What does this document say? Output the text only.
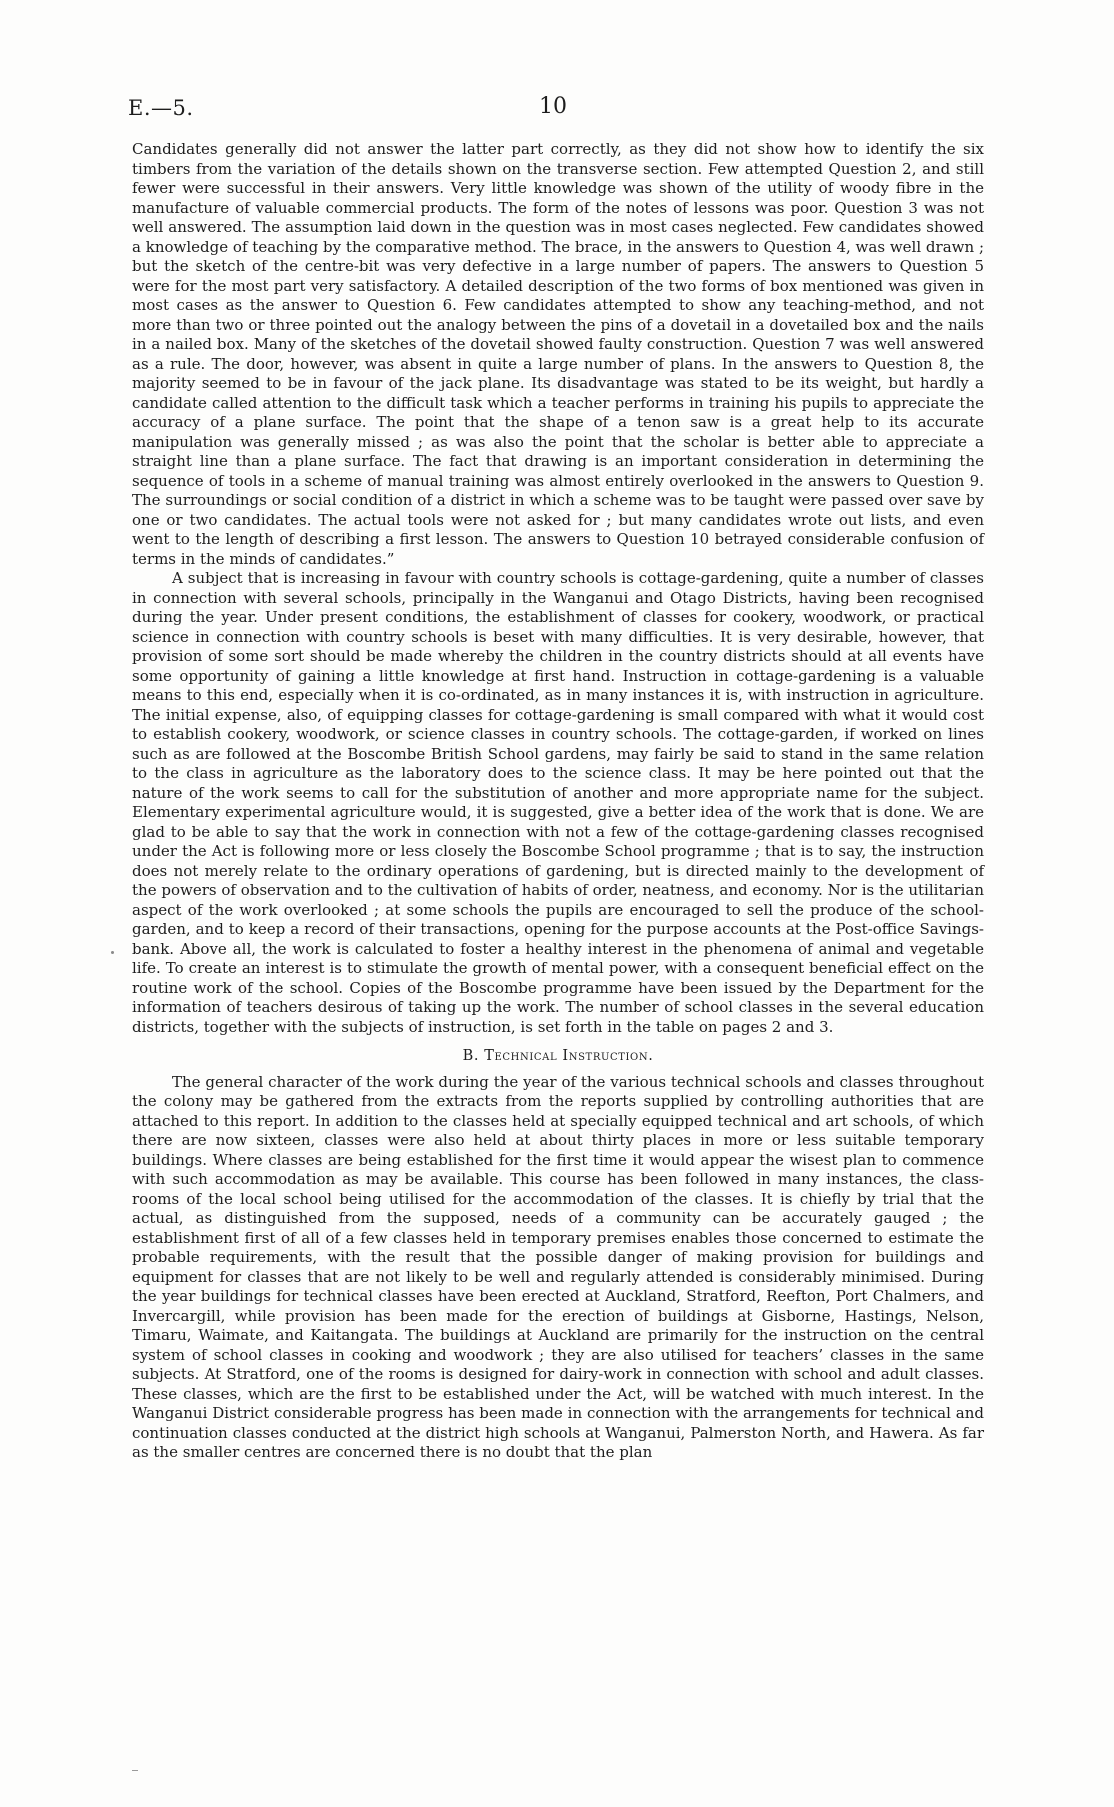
E.—5.	10

Candidates generally did not answer the latter part correctly, as they did not show how to identify the six timbers from the variation of the details shown on the transverse section. Few attempted Question 2, and still fewer were successful in their answers. Very little knowledge was shown of the utility of woody fibre in the manufacture of valuable commercial products. The form of the notes of lessons was poor. Question 3 was not well answered. The assumption laid down in the question was in most cases neglected. Few candidates showed a knowledge of teaching by the comparative method. The brace, in the answers to Question 4, was well drawn ; but the sketch of the centre-bit was very defective in a large number of papers. The answers to Question 5 were for the most part very satisfactory. A detailed description of the two forms of box mentioned was given in most cases as the answer to Question 6. Few candidates attempted to show any teaching-method, and not more than two or three pointed out the analogy between the pins of a dovetail in a dovetailed box and the nails in a nailed box. Many of the sketches of the dovetail showed faulty construction. Question 7 was well answered as a rule. The door, however, was absent in quite a large number of plans. In the answers to Question 8, the majority seemed to be in favour of the jack plane. Its disadvantage was stated to be its weight, but hardly a candidate called attention to the difficult task which a teacher performs in training his pupils to appreciate the accuracy of a plane surface. The point that the shape of a tenon saw is a great help to its accurate manipulation was generally missed ; as was also the point that the scholar is better able to appreciate a straight line than a plane surface. The fact that drawing is an important consideration in determining the sequence of tools in a scheme of manual training was almost entirely overlooked in the answers to Question 9. The surroundings or social condition of a district in which a scheme was to be taught were passed over save by one or two candidates. The actual tools were not asked for ; but many candidates wrote out lists, and even went to the length of describing a first lesson. The answers to Question 10 betrayed considerable confusion of terms in the minds of candidates.”

A subject that is increasing in favour with country schools is cottage-gardening, quite a number of classes in connection with several schools, principally in the Wanganui and Otago Districts, having been recognised during the year. Under present conditions, the establishment of classes for cookery, woodwork, or practical science in connection with country schools is beset with many difficulties. It is very desirable, however, that provision of some sort should be made whereby the children in the country districts should at all events have some opportunity of gaining a little knowledge at first hand. Instruction in cottage-gardening is a valuable means to this end, especially when it is co-ordinated, as in many instances it is, with instruction in agriculture. The initial expense, also, of equipping classes for cottage-gardening is small compared with what it would cost to establish cookery, woodwork, or science classes in country schools. The cottage-garden, if worked on lines such as are followed at the Boscombe British School gardens, may fairly be said to stand in the same relation to the class in agriculture as the laboratory does to the science class. It may be here pointed out that the nature of the work seems to call for the substitution of another and more appropriate name for the subject. Elementary experimental agriculture would, it is suggested, give a better idea of the work that is done. We are glad to be able to say that the work in connection with not a few of the cottage-gardening classes recognised under the Act is following more or less closely the Boscombe School programme ; that is to say, the instruction does not merely relate to the ordinary operations of gardening, but is directed mainly to the development of the powers of observation and to the cultivation of habits of order, neatness, and economy. Nor is the utilitarian aspect of the work overlooked ; at some schools the pupils are encouraged to sell the produce of the school-garden, and to keep a record of their transactions, opening for the purpose accounts at the Post-office Savings-bank. Above all, the work is calculated to foster a healthy interest in the phenomena of animal and vegetable life. To create an interest is to stimulate the growth of mental power, with a consequent beneficial effect on the routine work of the school. Copies of the Boscombe programme have been issued by the Department for the information of teachers desirous of taking up the work. The number of school classes in the several education districts, together with the subjects of instruction, is set forth in the table on pages 2 and 3.

B. Technical Instruction.

The general character of the work during the year of the various technical schools and classes throughout the colony may be gathered from the extracts from the reports supplied by controlling authorities that are attached to this report. In addition to the classes held at specially equipped technical and art schools, of which there are now sixteen, classes were also held at about thirty places in more or less suitable temporary buildings. Where classes are being established for the first time it would appear the wisest plan to commence with such accommodation as may be available. This course has been followed in many instances, the class-rooms of the local school being utilised for the accommodation of the classes. It is chiefly by trial that the actual, as distinguished from the supposed, needs of a community can be accurately gauged ; the establishment first of all of a few classes held in temporary premises enables those concerned to estimate the probable requirements, with the result that the possible danger of making provision for buildings and equipment for classes that are not likely to be well and regularly attended is considerably minimised. During the year buildings for technical classes have been erected at Auckland, Stratford, Reefton, Port Chalmers, and Invercargill, while provision has been made for the erection of buildings at Gisborne, Hastings, Nelson, Timaru, Waimate, and Kaitangata. The buildings at Auckland are primarily for the instruction on the central system of school classes in cooking and woodwork ; they are also utilised for teachers’ classes in the same subjects. At Stratford, one of the rooms is designed for dairy-work in connection with school and adult classes. These classes, which are the first to be established under the Act, will be watched with much interest. In the Wanganui District considerable progress has been made in connection with the arrangements for technical and continuation classes conducted at the district high schools at Wanganui, Palmerston North, and Hawera. As far as the smaller centres are concerned there is no doubt that the plan
